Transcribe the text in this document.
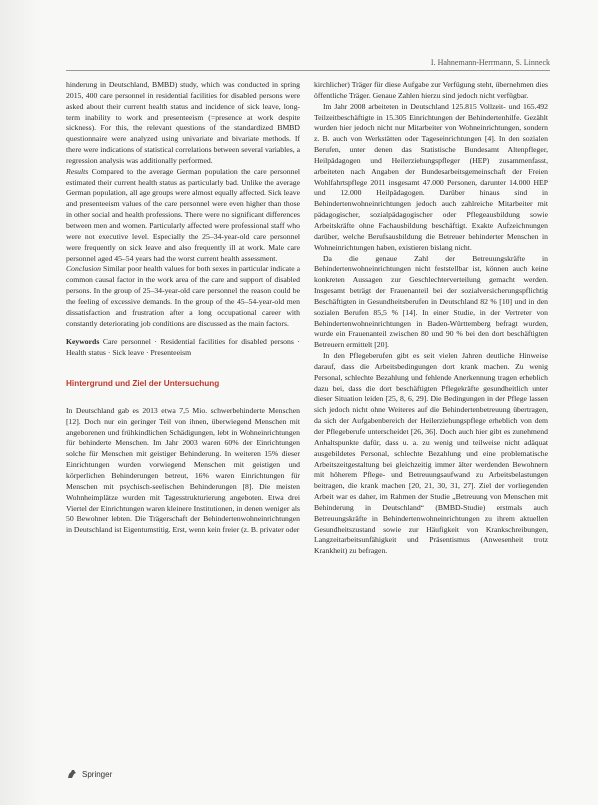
I. Hahnemann-Herrmann, S. Linneck

hinderung in Deutschland, BMBD) study, which was conducted in spring 2015, 400 care personnel in residential facilities for disabled persons were asked about their current health status and incidence of sick leave, long-term inability to work and presenteeism (=presence at work despite sickness). For this, the relevant questions of the standardized BMBD questionnaire were analyzed using univariate and bivariate methods. If there were indications of statistical correlations between several variables, a regression analysis was additionally performed.

Results Compared to the average German population the care personnel estimated their current health status as particularly bad. Unlike the average German population, all age groups were almost equally affected. Sick leave and presenteeism values of the care personnel were even higher than those in other social and health professions. There were no significant differences between men and women. Particularly affected were professional staff who were not executive level. Especially the 25–34-year-old care personnel were frequently on sick leave and also frequently ill at work. Male care personnel aged 45–54 years had the worst current health assessment.

Conclusion Similar poor health values for both sexes in particular indicate a common causal factor in the work area of the care and support of disabled persons. In the group of 25–34-year-old care personnel the reason could be the feeling of excessive demands. In the group of the 45–54-year-old men dissatisfaction and frustration after a long occupational career with constantly deteriorating job conditions are discussed as the main factors.

Keywords Care personnel · Residential facilities for disabled persons · Health status · Sick leave · Presenteeism

Hintergrund und Ziel der Untersuchung

In Deutschland gab es 2013 etwa 7,5 Mio. schwerbehinderte Menschen [12]. Doch nur ein geringer Teil von ihnen, überwiegend Menschen mit angeborenen und frühkindlichen Schädigungen, lebt in Wohneinrichtungen für behinderte Menschen. Im Jahr 2003 waren 60% der Einrichtungen solche für Menschen mit geistiger Behinderung. In weiteren 15% dieser Einrichtungen wurden vorwiegend Menschen mit geistigen und körperlichen Behinderungen betreut, 16% waren Einrichtungen für Menschen mit psychisch-seelischen Behinderungen [8]. Die meisten Wohnheimplätze wurden mit Tagesstrukturierung angeboten. Etwa drei Viertel der Einrichtungen waren kleinere Institutionen, in denen weniger als 50 Bewohner lebten. Die Trägerschaft der Behindertenwohneinrichtungen in Deutschland ist Eigentumstitig. Erst, wenn kein freier (z. B. privater oder

kirchlicher) Träger für diese Aufgabe zur Verfügung steht, übernehmen dies öffentliche Träger. Genaue Zahlen hierzu sind jedoch nicht verfügbar.

Im Jahr 2008 arbeiteten in Deutschland 125.815 Vollzeit- und 165.492 Teilzeitbeschäftigte in 15.305 Einrichtungen der Behindertenhilfe. Gezählt wurden hier jedoch nicht nur Mitarbeiter von Wohneinrichtungen, sondern z. B. auch von Werkstätten oder Tageseinrichtungen [4]. In den sozialen Berufen, unter denen das Statistische Bundesamt Altenpfleger, Heilpädagogen und Heilerziehungspfleger (HEP) zusammenfasst, arbeiteten nach Angaben der Bundesarbeitsgemeinschaft der Freien Wohlfahrtspflege 2011 insgesamt 47.000 Personen, darunter 14.000 HEP und 12.000 Heilpädagogen. Darüber hinaus sind in Behindertenwohneinrichtungen jedoch auch zahlreiche Mitarbeiter mit pädagogischer, sozialpädagogischer oder Pflegeausbildung sowie Arbeitskräfte ohne Fachausbildung beschäftigt. Exakte Aufzeichnungen darüber, welche Berufsausbildung die Betreuer behinderter Menschen in Wohneinrichtungen haben, existieren bislang nicht.

Da die genaue Zahl der Betreuungskräfte in Behindertenwohneinrichtungen nicht feststellbar ist, können auch keine konkreten Aussagen zur Geschlechterverteilung gemacht werden. Insgesamt beträgt der Frauenanteil bei der sozialversicherungspflichtig Beschäftigten in Gesundheitsberufen in Deutschland 82 % [10] und in den sozialen Berufen 85,5 % [14]. In einer Studie, in der Vertreter von Behindertenwohneinrichtungen in Baden-Württemberg befragt wurden, wurde ein Frauenanteil zwischen 80 und 90 % bei den dort beschäftigten Betreuern ermittelt [20].

In den Pflegeberufen gibt es seit vielen Jahren deutliche Hinweise darauf, dass die Arbeitsbedingungen dort krank machen. Zu wenig Personal, schlechte Bezahlung und fehlende Anerkennung tragen erheblich dazu bei, dass die dort beschäftigten Pflegekräfte gesundheitlich unter dieser Situation leiden [25, 8, 6, 29]. Die Bedingungen in der Pflege lassen sich jedoch nicht ohne Weiteres auf die Behindertenbetreuung übertragen, da sich der Aufgabenbereich der Heilerziehungspflege erheblich von dem der Pflegeberufe unterscheidet [26, 36]. Doch auch hier gibt es zunehmend Anhaltspunkte dafür, dass u. a. zu wenig und teilweise nicht adäquat ausgebildetes Personal, schlechte Bezahlung und eine problematische Arbeitszeitgestaltung bei gleichzeitig immer älter werdenden Bewohnern mit höherem Pflege- und Betreuungsaufwand zu Arbeitsbelastungen beitragen, die krank machen [20, 21, 30, 31, 27]. Ziel der vorliegenden Arbeit war es daher, im Rahmen der Studie „Betreuung von Menschen mit Behinderung in Deutschland“ (BMBD-Studie) erstmals auch Betreuungskräfte in Behindertenwohneinrichtungen zu ihrem aktuellen Gesundheitszustand sowie zur Häufigkeit von Krankschreibungen, Langzeitarbeitsunfähigkeit und Präsentismus (Anwesenheit trotz Krankheit) zu befragen.

Springer
